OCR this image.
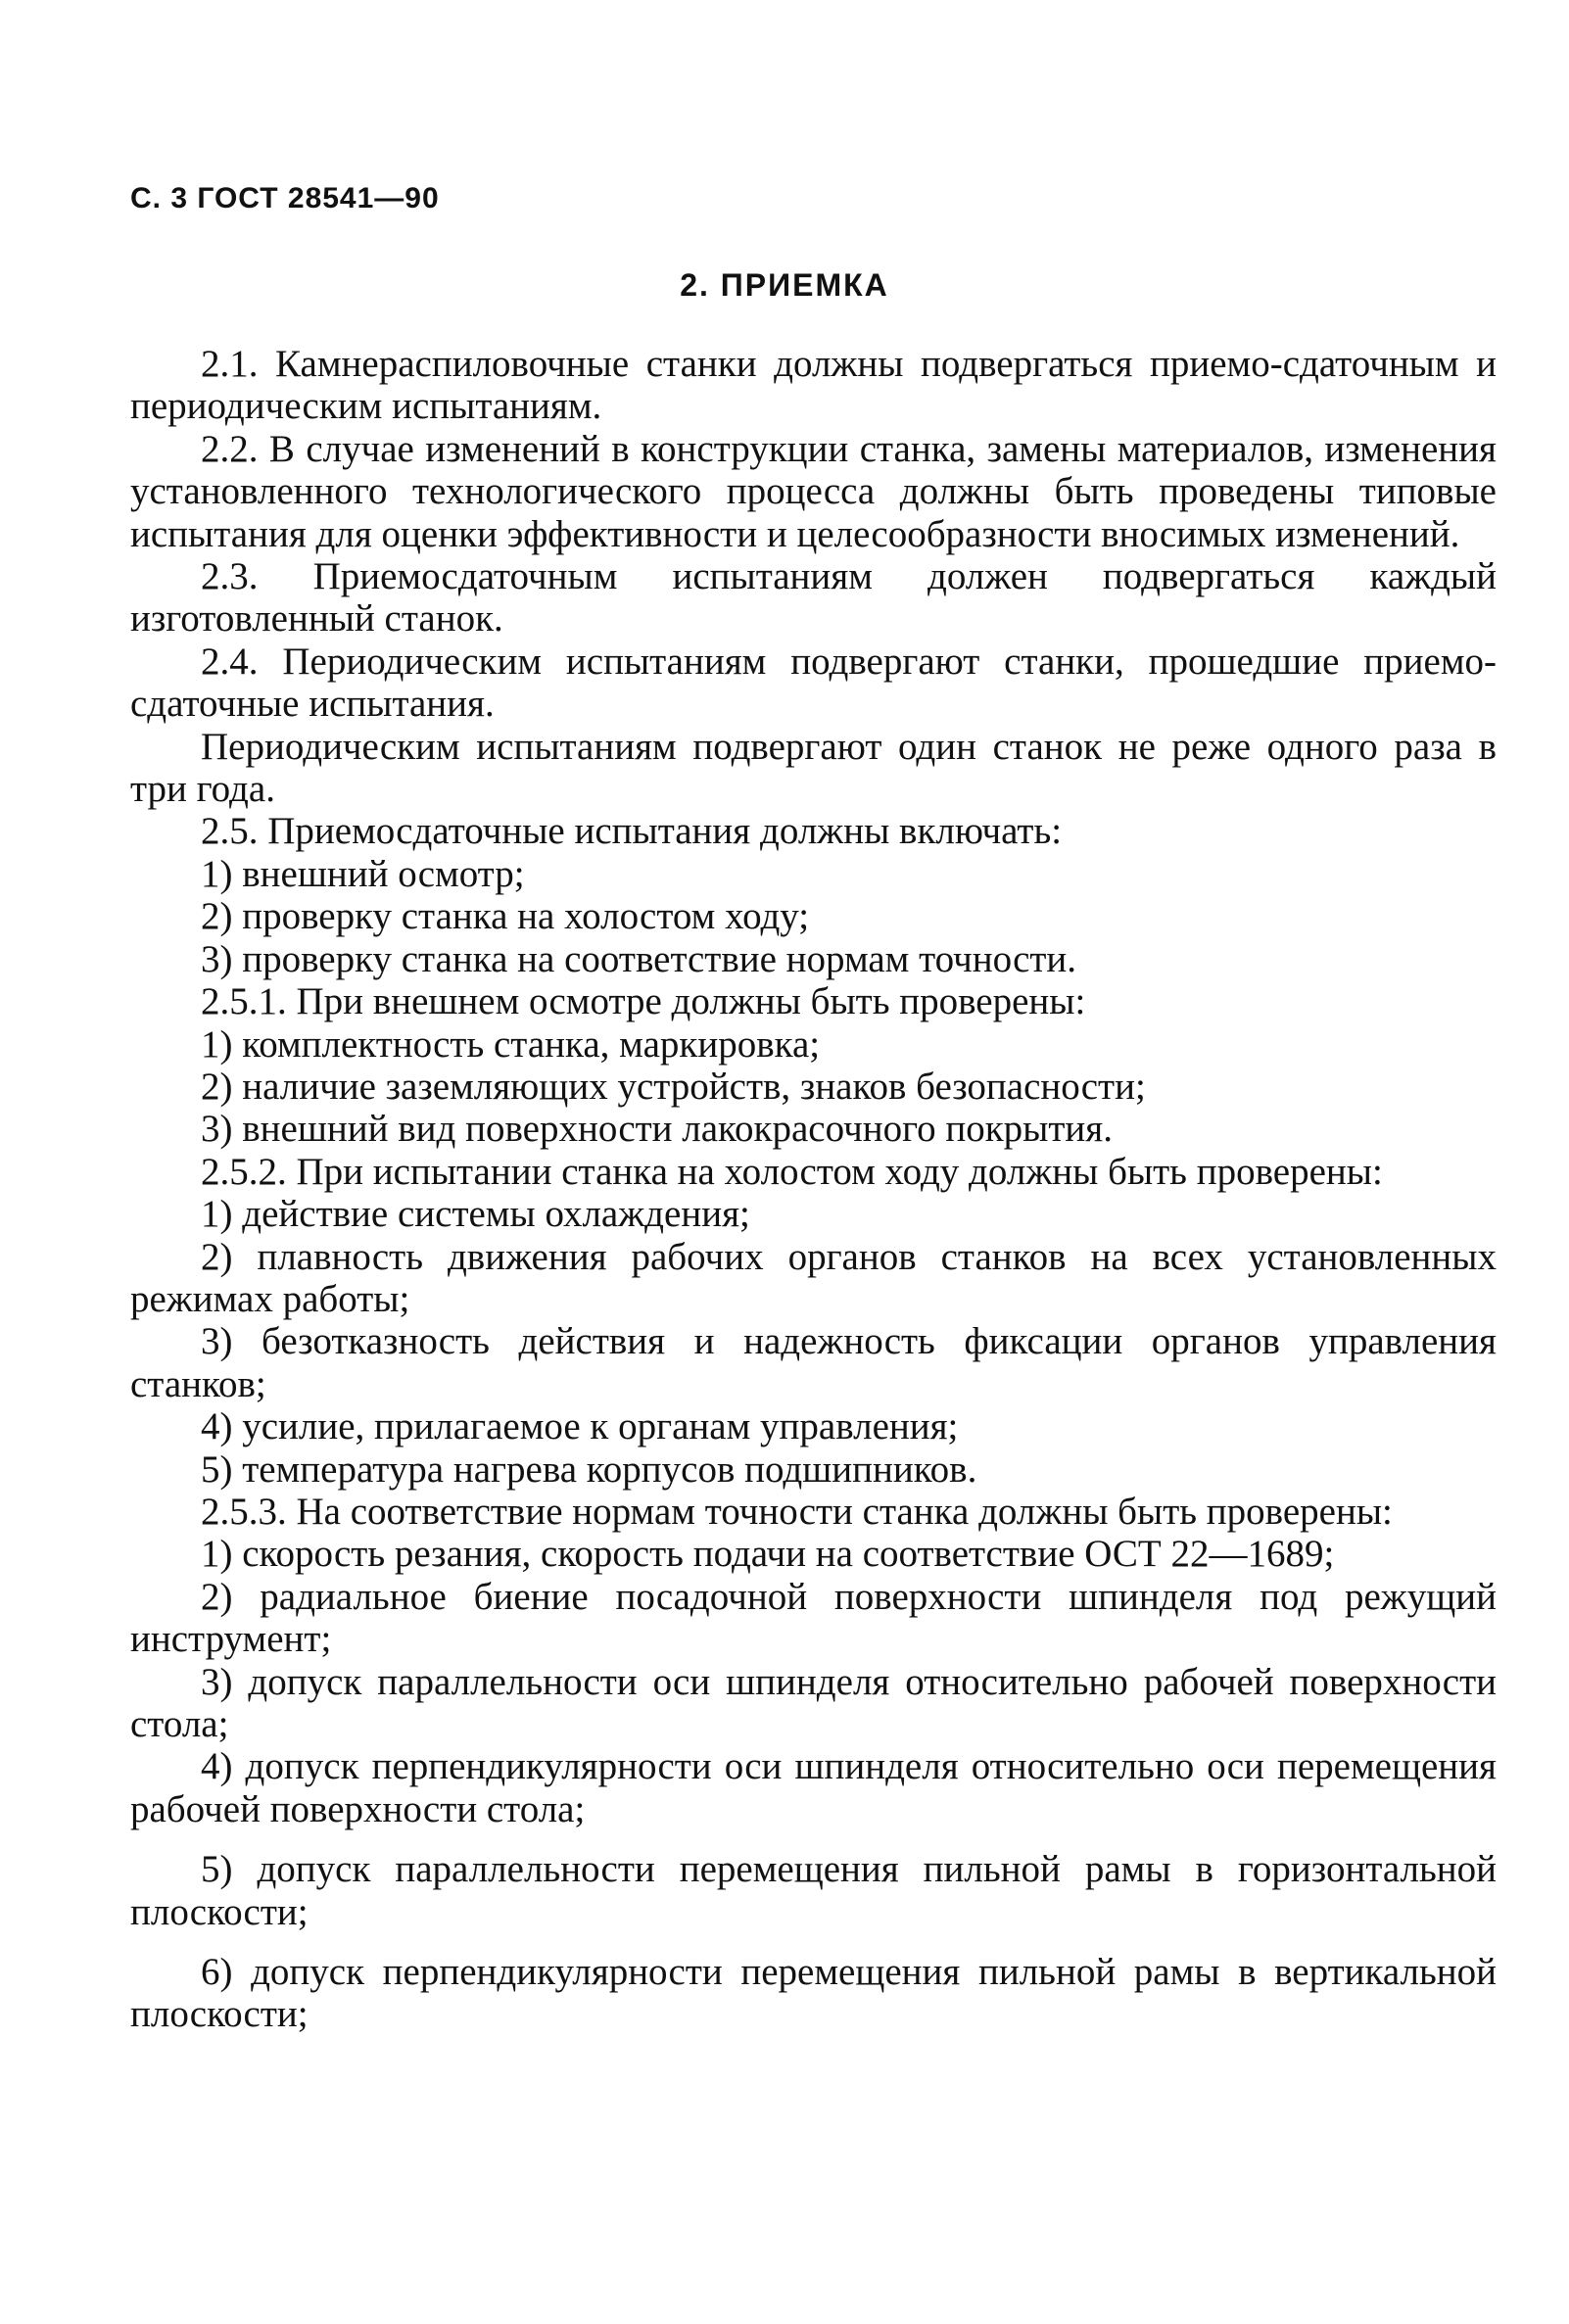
С. 3 ГОСТ 28541—90
2. ПРИЕМКА

2.1. Камнераспиловочные станки должны подвергаться приемо-сдаточным и периодическим испытаниям.

2.2. В случае изменений в конструкции станка, замены материалов, изменения установленного технологического процесса должны быть проведены типовые испытания для оценки эффективности и целесообразности вносимых изменений.

2.3. Приемосдаточным испытаниям должен подвергаться каждый изготовленный станок.

2.4. Периодическим испытаниям подвергают станки, прошедшие приемо-сдаточные испытания.

Периодическим испытаниям подвергают один станок не реже одного раза в три года.

2.5. Приемосдаточные испытания должны включать:

1) внешний осмотр;

2) проверку станка на холостом ходу;

3) проверку станка на соответствие нормам точности.

2.5.1. При внешнем осмотре должны быть проверены:

1) комплектность станка, маркировка;

2) наличие заземляющих устройств, знаков безопасности;

3) внешний вид поверхности лакокрасочного покрытия.

2.5.2. При испытании станка на холостом ходу должны быть проверены:

1) действие системы охлаждения;

2) плавность движения рабочих органов станков на всех установленных режимах работы;

3) безотказность действия и надежность фиксации органов управления станков;

4) усилие, прилагаемое к органам управления;

5) температура нагрева корпусов подшипников.

2.5.3. На соответствие нормам точности станка должны быть проверены:

1) скорость резания, скорость подачи на соответствие ОСТ 22—1689;

2) радиальное биение посадочной поверхности шпинделя под режущий инструмент;

3) допуск параллельности оси шпинделя относительно рабочей поверхности стола;

4) допуск перпендикулярности оси шпинделя относительно оси перемещения рабочей поверхности стола;

5) допуск параллельности перемещения пильной рамы в горизонтальной плоскости;

6) допуск перпендикулярности перемещения пильной рамы в вертикальной плоскости;
